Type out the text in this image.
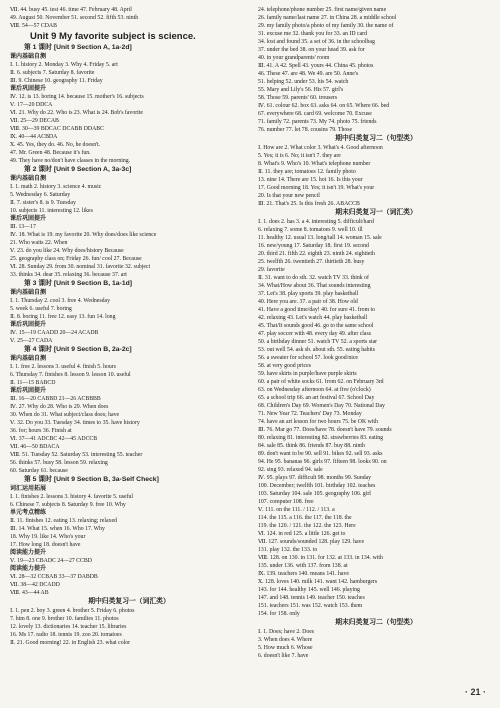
Ⅶ. 44. busy 45. test 46. time 47. February 48. April
49. August 50. November 51. second 52. fifth 53. ninth
Ⅷ. 54—57 CDAB
Unit 9 My favorite subject is science.
第 1 课时 [Unit 9 Section A, 1a-2d]
课内基础自测
Ⅰ. 1. history 2. Monday 3. Why 4. Friday 5. art
Ⅱ. 6. subjects 7. Saturday 8. favorite
Ⅲ. 9. Chinese 10. geography 11. Friday
课后巩固提升
Ⅳ. 12. is 13. boring 14. because 15. mother's 16. subjects
Ⅴ. 17—20 DDCA
Ⅵ. 21. Why do 22. Who is 23. What is 24. Bob's favorite
Ⅶ. 25—29 DECAB
Ⅷ. 30—39 BDCAC DCABB DDABC
Ⅸ. 40—44 ACBDA
Ⅹ. 45. Yes, they do. 46. No, he doesn't.
47. Mr. Green 48. Because it's fun.
49. They have no/don't have classes in the morning.
第 2 课时 [Unit 9 Section A, 3a-3c]
课内基础自测
Ⅰ. 1. math 2. history 3. science 4. music
5. Wednesday 6. Saturday
Ⅱ. 7. sister's 8. is 9. Tuesday
10. subjects 11. interesting 12. likes
课后巩固提升
Ⅲ. 13—17
Ⅳ. 18. What is 19. my favorite 20. Why does/does like science
21. Who waits 22. When
Ⅴ. 23. do you like 24. Why does/history Because
25. geography class on; Friday 26. fun/ cool 27. Because
Ⅵ. 28. Sunday 29. from 30. nominal 31. favorite 32. subject
33. thinks 34. dear 35. relaxing 36. because 37. art
第 3 课时 [Unit 9 Section B, 1a-1d]
课内基础自测
Ⅰ. 1. Thursday 2. cool 3. free 4. Wednesday
5. week 6. useful 7. boring
Ⅱ. 8. boring 11. free 12. easy 13. fun 14. long
课后巩固提升
Ⅳ. 15—19 CAADD 20—24 ACADB
Ⅴ. 25—27 CADA
第 4 课时 [Unit 9 Section B, 2a-2c]
课内基础自测
Ⅰ. 1. free 2. lessons 3. useful 4. finish 5. hours
6. Thursday 7. finishes 8. lesson 9. lesson 10. useful
Ⅱ. 11—15 BABCD
课后巩固提升
Ⅲ. 16—20 CABBD 21—26 ACBBBB
Ⅳ. 27. Why do 28. Who is 29. When does
30. When do 31. What subject/class does; have
Ⅴ. 32. Do you 33. Tuesday 34. times to 35. have history
36. for; hours 36. Finish at
Ⅵ. 37—41 ADCBC 42—45 ADCCB
Ⅶ. 46—50 BDACA
Ⅷ. 51. Tuesday 52. Saturday 53. interesting 55. teacher
56. thinks 57. busy 58. lesson 59. relaxing
60. Saturday 61. because
第 5 课时 [Unit 9 Section B, 3a-Self Check]
词汇运用拓展
Ⅰ. 1. finishes 2. lessons 3. history 4. favorite 5. useful
6. Chinese 7. subjects 8. Saturday 9. free 10. Why
单元考点精练
Ⅱ. 11. finishes 12. eating 13. relaxing; relaxed
Ⅲ. 14. What 15. when 16. Who 17. Why
18. Why 19. like 14. Who's your
17. How long 18. doesn't have
阅读能力提升
Ⅴ. 19—23 CBADC 24—27 CCBD
阅读能力提升
Ⅵ. 28—32 CCBAB 33—37 DABDB
Ⅶ. 38—42 DCADD
Ⅷ. 43—44 AB
期中归类复习一（词汇类）
Ⅰ. 1. pen 2. boy 3. green 4. brother 5. Friday 6. photos
7. him 8. one 9. brother 10. families 11. photos
12. lovely 13. dictionaries 14. teacher 15. libraries
16. Ms 17. radio 18. tennis 19. zoo 20. tomatoes
Ⅱ. 21. Good morning! 22. in English 23. what color
24. telephone/phone number 25. first name/given name
26. family name/last name 27. in China 28. a middle school
29. my family photo/a photo of my family 30. the name of
31. excuse me 32. thank you for 33. an ID card
34. lost and found 35. a set of 36. in the schoolbag
37. under the bed 38. on your head 39. ask for
40. in your grandparents' room
Ⅲ. 41. A 42. Spell 43. yours 44. China 45. photos
46. These 47. are 48. We 49. are 50. Anne's
51. helping 52. under 53. his 54. watch
55. Mary and Lily's 56. His 57. girl's
58. Those 59. parents' 60. trousers
Ⅳ. 61. colour 62. box 63. asks 64. on 65. Where 66. bed
67. everywhere 68. card 69. welcome 70. Excuse
71. family 72. parents 73. My 74. photo 75. friends
76. number 77. let 78. cousins 79. Those
期中归类复习二（句型类）
Ⅰ. How are 2. What color 3. What's 4. Good afternoon
5. Yes; it is 6. No; it isn't 7. they are
8. What's 9. Who's 10. What's telephone number
Ⅱ. 11. they are; tomatoes 12. family photo
13. nine 14. There are 15. hot 16. Is this your
17. Good morning 18. Yes; it isn't 19. What's your
20. Is that your new pencil
Ⅲ. 21. That's 25. Is this fresh 26. ABACCB
期末归类复习一（词汇类）
Ⅰ. 1. does 2. has 3. a 4. interesting 5. difficult/hard
6. relaxing 7. some 8. tomatoes 9. well 10. ill
11. healthy 12. usual 13. long/tall 14. woman 15. sale
16. new/young 17. Saturday 18. first 19. second
20. third 21. fifth 22. eighth 23. ninth 24. eightieth
25. twelfth 26. twentieth 27. thirtieth 28. busy
29. favorite
Ⅱ. 31. want to do sth. 32. watch TV 33. think of
34. What/How about 36. That sounds interesting
37. Let's 38. play sports 39. play basketball
40. Here you are. 37. a pair of 38. How old
41. Have a good time/day! 40. for sure 41. from to
42. relaxing 43. Let's watch 44. play basketball
45. That/It sounds good 46. go to the same school
47. play soccer with 48. every day 49. after class
50. a birthday dinner 51. watch TV 52. a sports star
53. out well 54. ask sb. about sth. 55. eating habits
56. a sweater for school 57. look good/nice
58. at very good prices
59. have skirts in purple/have purple skirts
60. a pair of white socks 61. from 62. on February 3rd
63. on Wednesday afternoon 64. at five (o'clock)
65. a school trip 66. an art festival 67. School Day
68. Children's Day 69. Women's Day 70. National Day
71. New Year 72. Teachers' Day 73. Monday
74. have an art lesson for two hours 75. be OK with
Ⅲ. 76. Mar go 77. Does/have 78. doesn't have 79. sounds
80. relaxing 81. interesting 82. strawberries 83. eating
84. sale 85. think 86. friends 87. buy 88. ninth
89. don't want to be 90. sell 91. bikes 92. sell 93. asks
94. He 95. bananas 96. girls 97. fifteen 98. looks 90. on
92. sing 93. relaxed 94. sale
Ⅳ. 95. plays 97. difficult 98. months 99. Sunday
100. December; twelfth 101. birthday 102. teaches
103. Saturday 104. sale 105. geography 106. girl
107. computer 108. free
Ⅴ. 111. on the 111. / 112. / 113. a
114. the 115. a 116. the 117. the 118. the
119. the 120. / 121. the 122. the 123. Here
Ⅵ. 124. in red 125. a little 126. get to
Ⅶ. 127. sounds/sounded 128. play 129. have
131. play 132. the 133. to
Ⅷ. 128. on 130. in 131. for 132. at 133. in 134. with
135. under 136. with 137. from 138. at
Ⅸ. 139. teachers 140. means 141. have
Ⅹ. 128. loves 140. milk 141. want 142. hamburgers
143. for 144. healthy 145. well 146. playing
147. and 148. tennis 149. teacher 150. teaches
151. teachers 151. was 152. watch 153. them
154. for 158. only
期末归类复习二（句型类）
Ⅰ. 1. Does; have 2. Does
3. When does 4. Where
5. How much 6. Whose
6. doesn't like 7. have
· 21 ·
